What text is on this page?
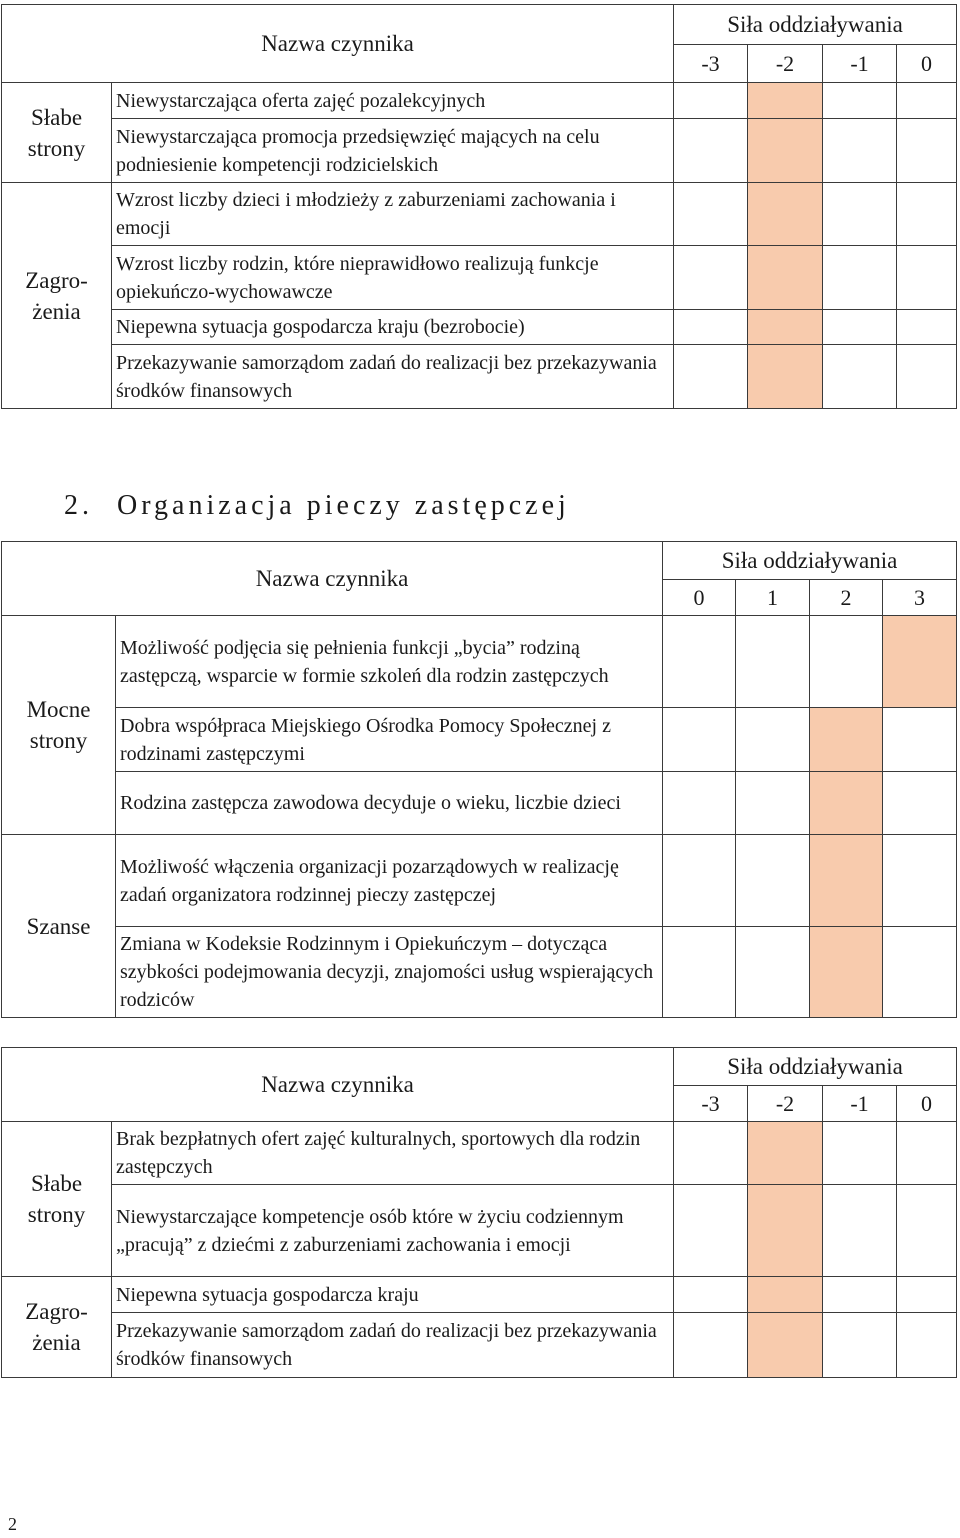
Nazwa czynnika		Siła oddziaływania			
		-3	-2	-1	0
Słabe strony	Niewystarczająca oferta zajęć pozalekcyjnych				
	Niewystarczająca promocja przedsięwzięć mających na celu podniesienie kompetencji rodzicielskich				
Zagro-żenia	Wzrost liczby dzieci i młodzieży z zaburzeniami zachowania i emocji				
	Wzrost liczby rodzin, które nieprawidłowo realizują funkcje opiekuńczo-wychowawcze				
	Niepewna sytuacja gospodarcza kraju (bezrobocie)				
	Przekazywanie samorządom zadań do realizacji bez przekazywania środków finansowych				
2. Organizacja pieczy zastępczej
Nazwa czynnika		Siła oddziaływania			
		0	1	2	3
Mocne strony	Możliwość podjęcia się pełnienia funkcji „bycia” rodziną zastępczą, wsparcie w formie szkoleń dla rodzin zastępczych				
	Dobra współpraca Miejskiego Ośrodka Pomocy Społecznej z rodzinami zastępczymi				
	Rodzina zastępcza zawodowa decyduje o wieku, liczbie dzieci				
Szanse	Możliwość włączenia organizacji pozarządowych w realizację zadań organizatora rodzinnej pieczy zastępczej				
	Zmiana w Kodeksie Rodzinnym i Opiekuńczym – dotycząca szybkości podejmowania decyzji, znajomości usług wspierających rodziców				
Nazwa czynnika		Siła oddziaływania			
		-3	-2	-1	0
Słabe strony	Brak bezpłatnych ofert zajęć kulturalnych, sportowych dla rodzin zastępczych				
	Niewystarczające kompetencje osób które w życiu codziennym „pracują” z dziećmi z zaburzeniami zachowania i emocji				
Zagro-żenia	Niepewna sytuacja gospodarcza kraju				
	Przekazywanie samorządom zadań do realizacji bez przekazywania środków finansowych				
2
